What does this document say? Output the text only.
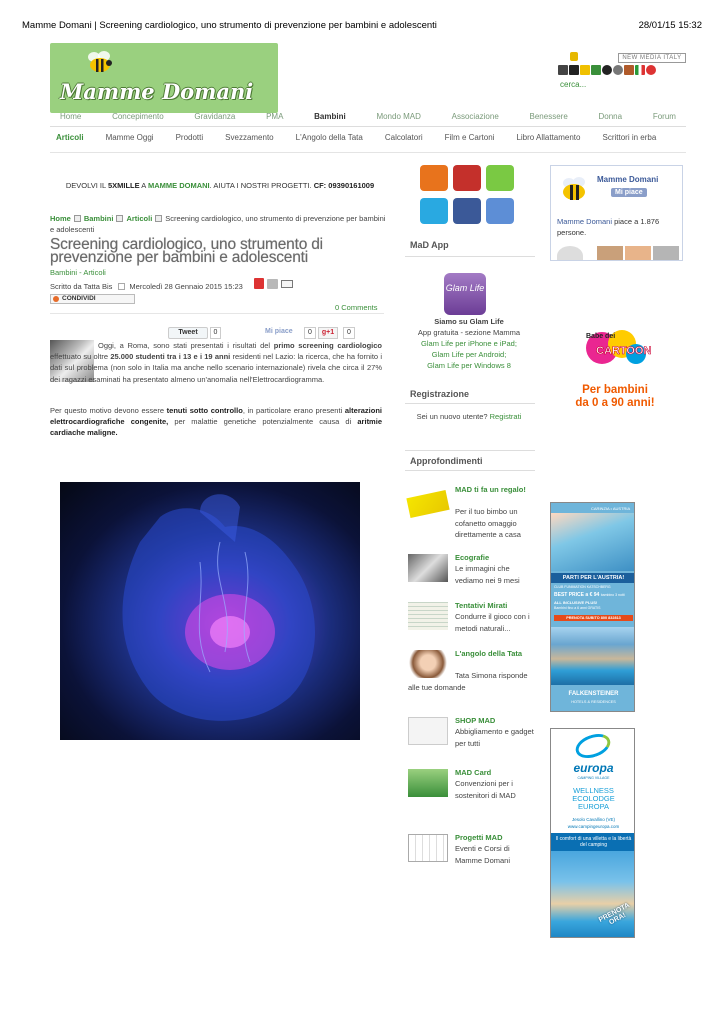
Mamme Domani | Screening cardiologico, uno strumento di prevenzione per bambini e adolescenti	28/01/15 15:32
Mamme Domani
NEW MEDIA ITALY
cerca...
Home	Concepimento	Gravidanza	PMA	Bambini	Mondo MAD	Associazione	Benessere	Donna	Forum
Articoli	Mamme Oggi	Prodotti	Svezzamento	L'Angolo della Tata	Calcolatori	Film e Cartoni	Libro Allattamento	Scrittori in erba
DEVOLVI IL 5XMILLE A MAMME DOMANI. AIUTA I NOSTRI PROGETTI. CF: 09390161009
Home Bambini Articoli Screening cardiologico, uno strumento di prevenzione per bambini e adolescenti
Screening cardiologico, uno strumento di prevenzione per bambini e adolescenti
Bambini - Articoli
Scritto da Tatta Bis Mercoledì 28 Gennaio 2015 15:23
CONDIVIDI
0 Comments
Tweet	0	Mi piace	0	g+1	0
Oggi, a Roma, sono stati presentati i risultati del primo screening cardiologico effettuato su oltre 25.000 studenti tra i 13 e i 19 anni residenti nel Lazio: la ricerca, che ha fornito i dati sul problema (non solo in Italia ma anche nello scenario internazionale) rivela che circa il 27% dei ragazzi esaminati ha presentato almeno un'anomalia nell'Elettrocardiogramma.
Per questo motivo devono essere tenuti sotto controllo, in particolare erano presenti alterazioni elettrocardiografiche congenite, per malattie genetiche potenzialmente causa di aritmie cardiache maligne.
MaD App
Glam Life
Siamo su Glam Life
App gratuita - sezione Mamma
Glam Life per iPhone e iPad;
Glam Life per Android;
Glam Life per Windows 8
Registrazione
Sei un nuovo utente? Registrati
Approfondimenti
MAD ti fa un regalo!
Per il tuo bimbo un cofanetto omaggio direttamente a casa
Ecografie
Le immagini che vediamo nei 9 mesi
Tentativi Mirati
Condurre il gioco con i metodi naturali...
L'angolo della Tata
Tata Simona risponde alle tue domande
SHOP MAD
Abbigliamento e gadget per tutti
MAD Card
Convenzioni per i sostenitori di MAD
Progetti MAD
Eventi e Corsi di Mamme Domani
Mamme Domani
Mi piace
Mamme Domani piace a 1.876 persone.
Babe dei
CARTOON
Per bambini
da 0 a 90 anni!
CARINZIA • AUSTRIA
PARTI PER L'AUSTRIA!
CLUB FUNIMATION KATSCHBERG
BEST PRICE a € 94 bambino 3 notti
ALL INCLUSIVE PLUS!
Bambini fino a 6 anni GRATIS
PRENOTA SUBITO 800 832813
FALKENSTEINER
HOTELS & RESIDENCES
europa
CAMPING VILLAGE
WELLNESS ECOLODGE EUROPA
Jesolo Cavallino (VE)
www.campingeuropa.com
Il comfort di una villetta e la libertà del camping
PRENOTA ORA!
